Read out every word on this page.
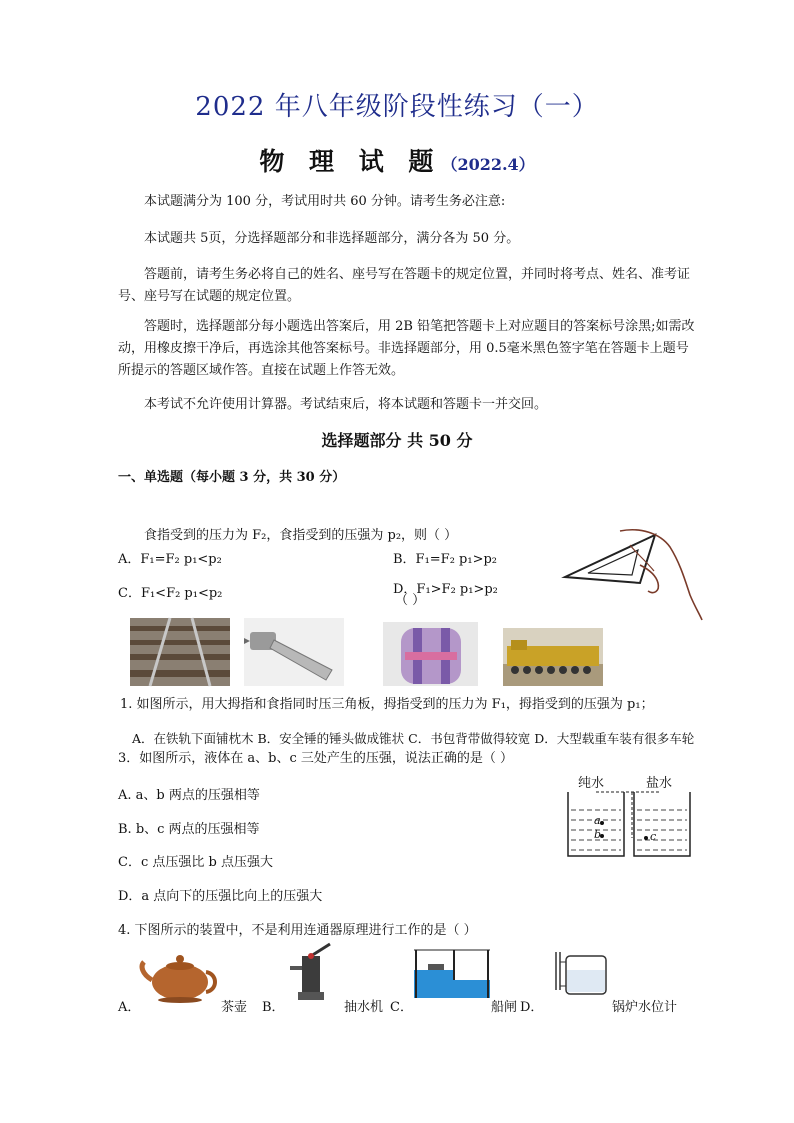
2022 年八年级阶段性练习（一）
物 理 试 题（2022.4）
本试题满分为 100 分，考试用时共 60 分钟。请考生务必注意:
本试题共 5页，分选择题部分和非选择题部分，满分各为 50 分。
答题前，请考生务必将自己的姓名、座号写在答题卡的规定位置，并同时将考点、姓名、准考证号、座号写在试题的规定位置。
答题时，选择题部分每小题选出答案后，用 2B 铅笔把答题卡上对应题目的答案标号涂黑;如需改动，用橡皮擦干净后，再选涂其他答案标号。非选择题部分，用 0.5毫米黑色签字笔在答题卡上题号所提示的答题区域作答。直接在试题上作答无效。
本考试不允许使用计算器。考试结束后，将本试题和答题卡一并交回。
选择题部分 共 50 分
一、单选题（每小题 3 分，共 30 分）
食指受到的压力为 F₂，食指受到的压强为 p₂，则（ ）
A．F₁=F₂ p₁<p₂	B．F₁=F₂ p₁>p₂
C．F₁<F₂ p₁<p₂	D．F₁>F₂ p₁>p₂
（ ）
1. 如图所示，用大拇指和食指同时压三角板，拇指受到的压力为 F₁，拇指受到的压强为 p₁；
A．在铁轨下面铺枕木 B．安全锤的锤头做成锥状 C．书包背带做得较宽 D．大型载重车装有很多车轮
3．如图所示，液体在 a、b、c 三处产生的压强，说法正确的是（ ）
A. a、b 两点的压强相等
B. b、c 两点的压强相等
C．c 点压强比 b 点压强大
D．a 点向下的压强比向上的压强大
纯水	盐水
a
b	c
4. 下图所示的装置中，不是利用连通器原理进行工作的是（ ）
A．	茶壶 B．	抽水机 C．	船闸 D．	锅炉水位计
